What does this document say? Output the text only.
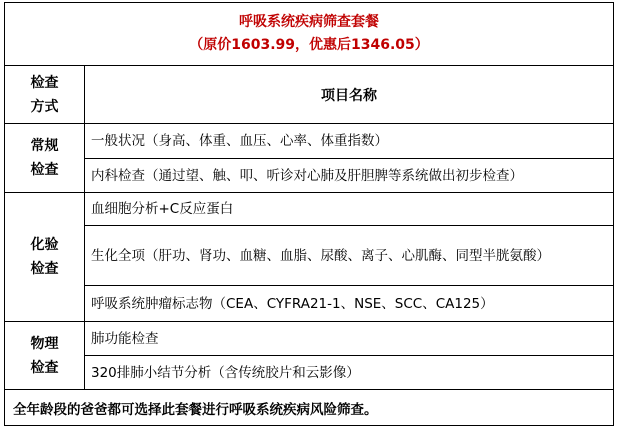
呼吸系统疾病筛查套餐
（原价1603.99，优惠后1346.05）	

检查
方式	项目名称

常规
检查	一般状况（身高、体重、血压、心率、体重指数）
	内科检查（通过望、触、叩、听诊对心肺及肝胆脾等系统做出初步检查）

化验
检查	血细胞分析+C反应蛋白
	生化全项（肝功、肾功、血糖、血脂、尿酸、离子、心肌酶、同型半胱氨酸）
	呼吸系统肿瘤标志物（CEA、CYFRA21-1、NSE、SCC、CA125）

物理
检查	肺功能检查
	320排肺小结节分析（含传统胶片和云影像）
全年龄段的爸爸都可选择此套餐进行呼吸系统疾病风险筛查。	
